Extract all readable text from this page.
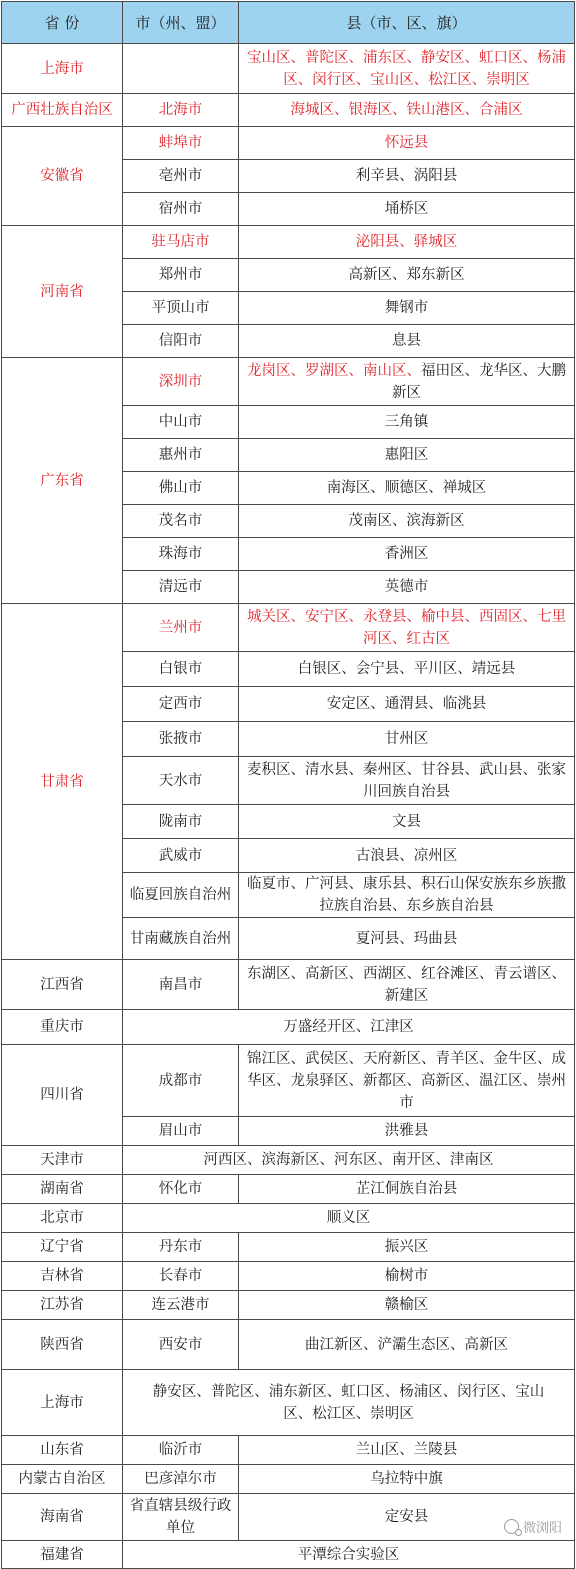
省 份	市（州、盟）	县（市、区、旗）
上海市		宝山区、普陀区、浦东区、静安区、虹口区、杨浦区、闵行区、宝山区、松江区、崇明区
广西壮族自治区	北海市	海城区、银海区、铁山港区、合浦区
安徽省	蚌埠市	怀远县
	亳州市	利辛县、涡阳县
	宿州市	埇桥区
河南省	驻马店市	泌阳县、驿城区
	郑州市	高新区、郑东新区
	平顶山市	舞钢市
	信阳市	息县
广东省	深圳市	龙岗区、罗湖区、南山区、福田区、龙华区、大鹏新区
	中山市	三角镇
	惠州市	惠阳区
	佛山市	南海区、顺德区、禅城区
	茂名市	茂南区、滨海新区
	珠海市	香洲区
	清远市	英德市
甘肃省	兰州市	城关区、安宁区、永登县、榆中县、西固区、七里河区、红古区
	白银市	白银区、会宁县、平川区、靖远县
	定西市	安定区、通渭县、临洮县
	张掖市	甘州区
	天水市	麦积区、清水县、秦州区、甘谷县、武山县、张家川回族自治县
	陇南市	文县
	武威市	古浪县、凉州区
	临夏回族自治州	临夏市、广河县、康乐县、积石山保安族东乡族撒拉族自治县、东乡族自治县
	甘南藏族自治州	夏河县、玛曲县
江西省	南昌市	东湖区、高新区、西湖区、红谷滩区、青云谱区、新建区
重庆市	万盛经开区、江津区	
四川省	成都市	锦江区、武侯区、天府新区、青羊区、金牛区、成华区、龙泉驿区、新都区、高新区、温江区、崇州市
	眉山市	洪雅县
天津市	河西区、滨海新区、河东区、南开区、津南区	
湖南省	怀化市	芷江侗族自治县
北京市	顺义区	
辽宁省	丹东市	振兴区
吉林省	长春市	榆树市
江苏省	连云港市	赣榆区
陕西省	西安市	曲江新区、浐灞生态区、高新区
上海市	静安区、普陀区、浦东新区、虹口区、杨浦区、闵行区、宝山区、松江区、崇明区	
山东省	临沂市	兰山区、兰陵县
内蒙古自治区	巴彦淖尔市	乌拉特中旗
海南省	省直辖县级行政单位	定安县
福建省	平潭综合实验区	
微浏阳
